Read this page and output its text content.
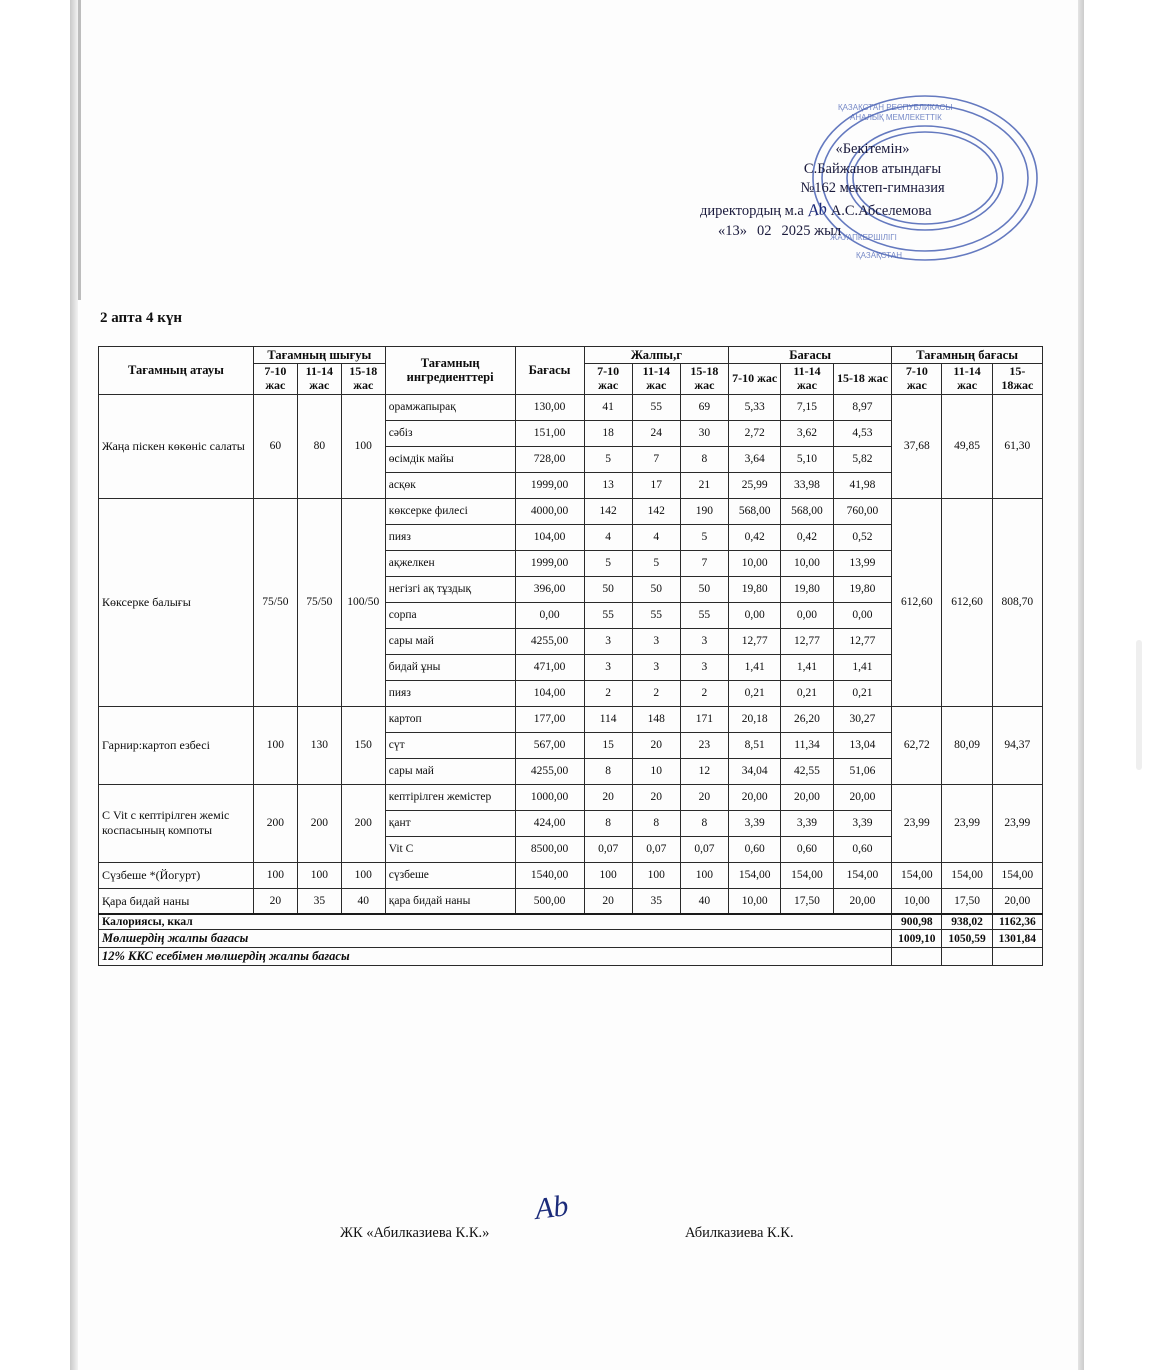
АНАЛЫҚ МЕМЛЕКЕТТІК
ҚАЗАҚСТАН РЕСПУБЛИКАСЫ
ҚАЗАҚСТАН
ЖАУАПКЕРШІЛІГІ
«Бекітемін»
С.Байжанов атындағы
№162 мектеп-гимназия
директордың м.а Ab А.С.Абселемова
«13» 02 2025 жыл
2 апта 4 күн
Тағамның атауы	Тағамның шығуы			Тағамның ингредиенттері	Бағасы	Жалпы,г			Бағасы			Тағамның бағасы		
	7-10 жас	11-14 жас	15-18 жас			7-10 жас	11-14 жас	15-18 жас	7-10 жас	11-14 жас	15-18 жас	7-10 жас	11-14 жас	15-18жас
Жаңа піскен көкөніс салаты	60	80	100	орамжапырақ	130,00	41	55	69	5,33	7,15	8,97	37,68	49,85	61,30
				сәбіз	151,00	18	24	30	2,72	3,62	4,53			
				өсімдік майы	728,00	5	7	8	3,64	5,10	5,82			
				асқөк	1999,00	13	17	21	25,99	33,98	41,98			
Көксерке балығы	75/50	75/50	100/50	көксерке филесі	4000,00	142	142	190	568,00	568,00	760,00	612,60	612,60	808,70
				пияз	104,00	4	4	5	0,42	0,42	0,52			
				ақжелкен	1999,00	5	5	7	10,00	10,00	13,99			
				негізгі ақ тұздық	396,00	50	50	50	19,80	19,80	19,80			
				сорпа	0,00	55	55	55	0,00	0,00	0,00			
				сары май	4255,00	3	3	3	12,77	12,77	12,77			
				бидай ұны	471,00	3	3	3	1,41	1,41	1,41			
				пияз	104,00	2	2	2	0,21	0,21	0,21			
Гарнир:картоп езбесі	100	130	150	картоп	177,00	114	148	171	20,18	26,20	30,27	62,72	80,09	94,37
				сүт	567,00	15	20	23	8,51	11,34	13,04			
				сары май	4255,00	8	10	12	34,04	42,55	51,06			
С Vit с кептірілген жеміс коспасының компоты	200	200	200	кептірілген жемістер	1000,00	20	20	20	20,00	20,00	20,00	23,99	23,99	23,99
				қант	424,00	8	8	8	3,39	3,39	3,39			
				Vit C	8500,00	0,07	0,07	0,07	0,60	0,60	0,60			
Сүзбеше *(Йогурт)	100	100	100	сүзбеше	1540,00	100	100	100	154,00	154,00	154,00	154,00	154,00	154,00
Қара бидай наны	20	35	40	қара бидай наны	500,00	20	35	40	10,00	17,50	20,00	10,00	17,50	20,00
Калориясы, ккал												900,98	938,02	1162,36
Мөлшердің жалпы бағасы												1009,10	1050,59	1301,84
12% ККС есебімен мөлшердің жалпы бағасы														
ЖК «Абилказиева К.К.»
Ab
Абилказиева К.К.
